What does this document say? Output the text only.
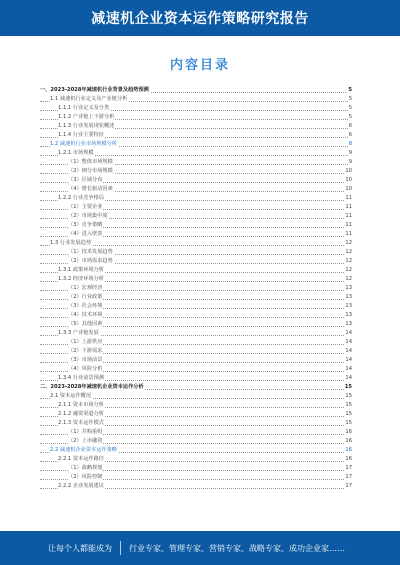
减速机企业资本运作策略研究报告
内容目录
一、2023-2028年减速机行业背景及趋势预测	5
1.1 减速机行业定义及产业链分析	5
1.1.1 行业定义及分类	5
1.1.2 产业链上下游分析	5
1.1.3 行业发展现状概述	6
1.1.4 行业主要特征	6
1.2 减速机行业市场规模分析	8
1.2.1 市场规模	9
（1）整体市场规模	9
（2）细分市场规模	10
（3）区域分布	10
（4）增长驱动因素	10
1.2.2 行业竞争格局	11
（1）主要企业	11
（2）市场集中度	11
（3）竞争策略	11
（4）进入壁垒	11
1.3 行业发展趋势	12
（1）技术发展趋势	12
（2）市场需求趋势	12
1.3.1 政策环境分析	12
1.3.2 经济环境分析	12
（1）宏观经济	13
（2）行业政策	13
（3）社会环境	13
（4）技术环境	13
（5）其他因素	13
1.3.3 产业链发展	14
（1）上游供应	14
（2）下游需求	14
（3）市场前景	14
（4）风险分析	14
1.3.4 行业前景预测	14
二、2023-2028年减速机企业资本运作分析	15
2.1 资本运作概况	15
2.1.1 资本市场分析	15
2.1.2 融资渠道分析	15
2.1.3 资本运作模式	15
（1）并购重组	16
（2）上市融资	16
2.2 减速机企业资本运作策略	16
2.2.1 资本运作路径	16
（1）战略规划	17
（2）风险控制	17
2.2.2 企业发展建议	17
让每个人都能成为 行业专家、管理专家、营销专家、战略专家、成功企业家……
